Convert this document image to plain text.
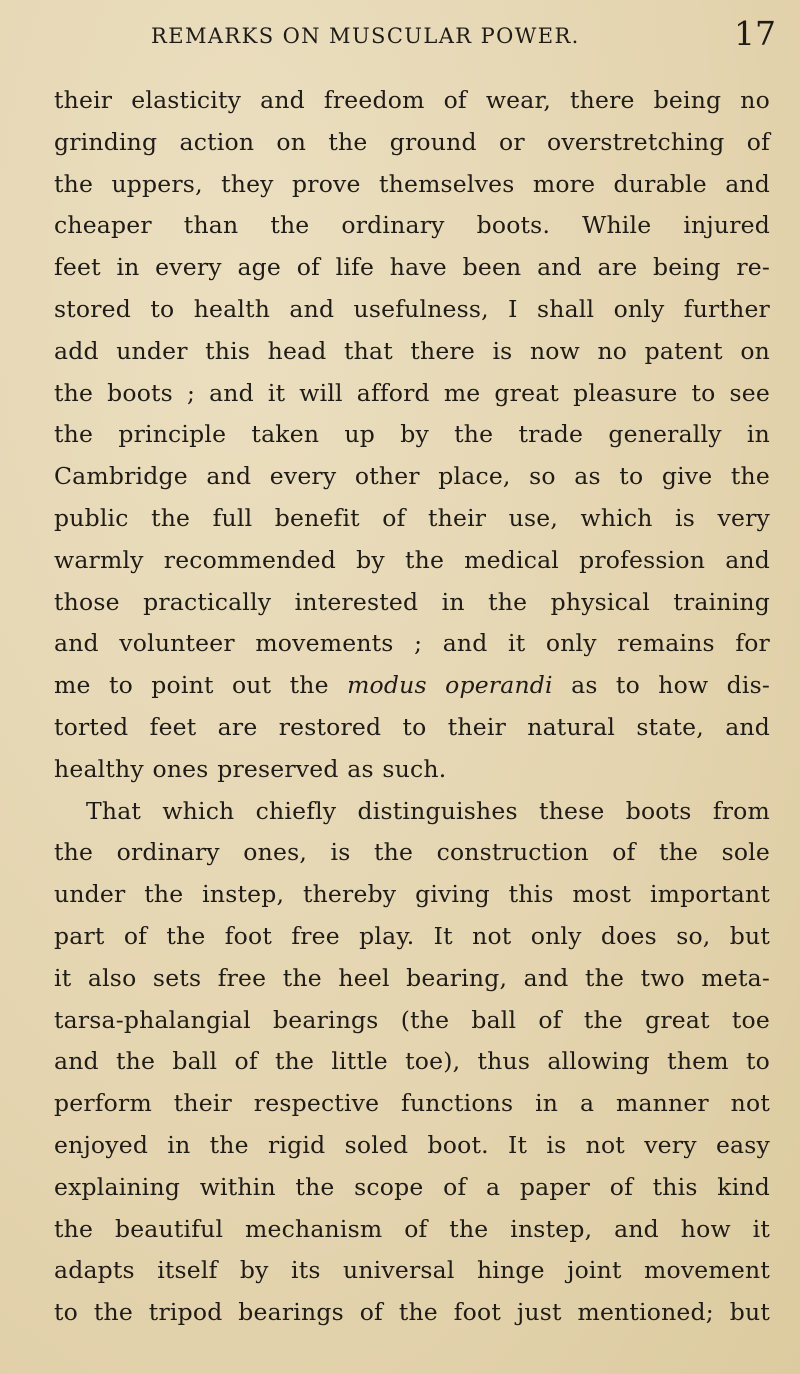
REMARKS ON MUSCULAR POWER.	17
their elasticity and freedom of wear, there being no
grinding action on the ground or overstretching of
the uppers, they prove themselves more durable and
cheaper than the ordinary boots. While injured
feet in every age of life have been and are being re-
stored to health and usefulness, I shall only further
add under this head that there is now no patent on
the boots ; and it will afford me great pleasure to see
the principle taken up by the trade generally in
Cambridge and every other place, so as to give the
public the full benefit of their use, which is very
warmly recommended by the medical profession and
those practically interested in the physical training
and volunteer movements ; and it only remains for
me to point out the modus operandi as to how dis-
torted feet are restored to their natural state, and
healthy ones preserved as such.
That which chiefly distinguishes these boots from
the ordinary ones, is the construction of the sole
under the instep, thereby giving this most important
part of the foot free play. It not only does so, but
it also sets free the heel bearing, and the two meta-
tarsa-phalangial bearings (the ball of the great toe
and the ball of the little toe), thus allowing them to
perform their respective functions in a manner not
enjoyed in the rigid soled boot. It is not very easy
explaining within the scope of a paper of this kind
the beautiful mechanism of the instep, and how it
adapts itself by its universal hinge joint movement
to the tripod bearings of the foot just mentioned; but
